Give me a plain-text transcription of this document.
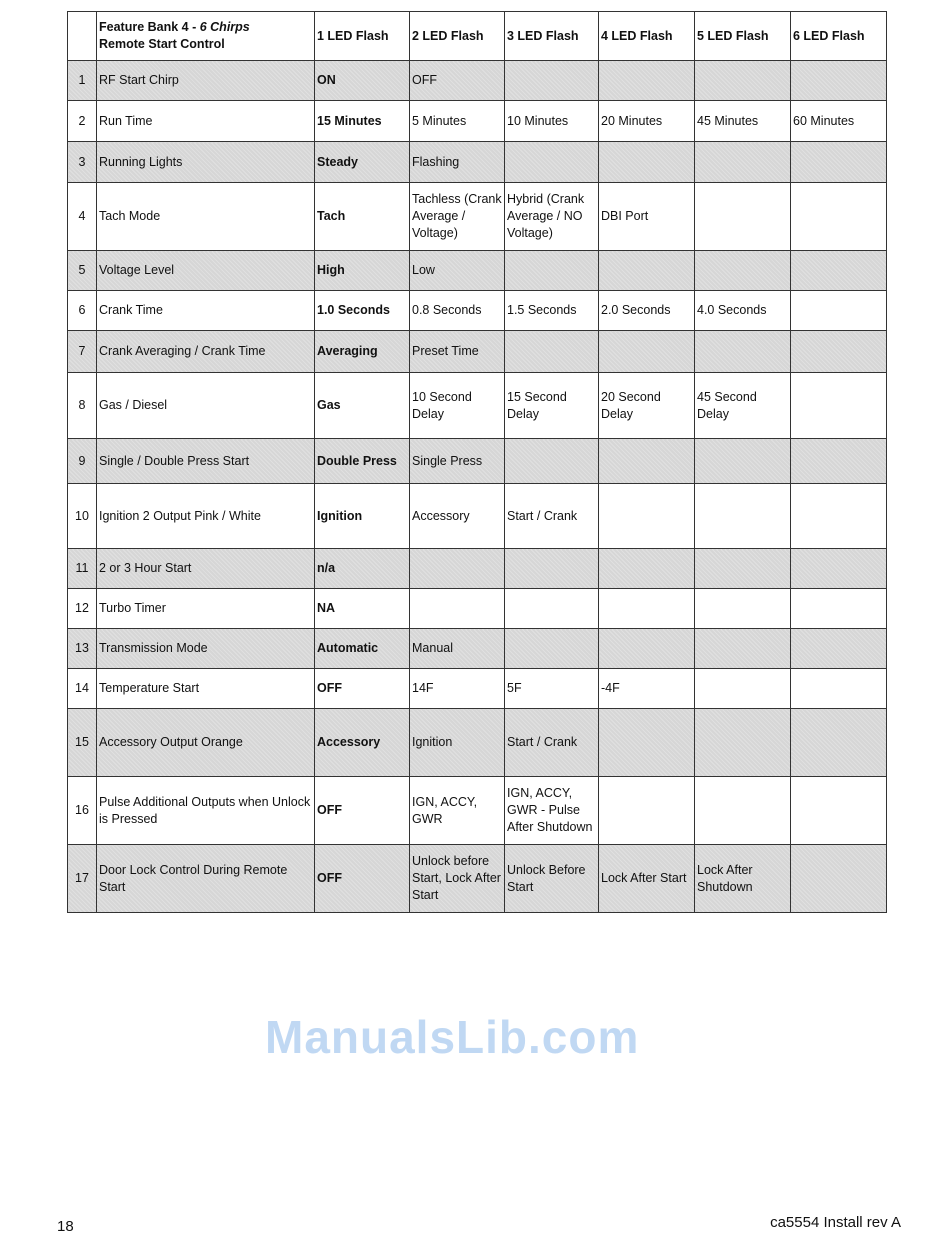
	Feature Bank 4 - 6 Chirps
Remote Start Control	1 LED Flash	2 LED Flash	3 LED Flash	4 LED Flash	5 LED Flash	6 LED Flash
1	RF Start Chirp	ON	OFF				
2	Run Time	15 Minutes	5 Minutes	10 Minutes	20 Minutes	45 Minutes	60 Minutes
3	Running Lights	Steady	Flashing				
4	Tach Mode	Tach	Tachless (Crank Average / Voltage)	Hybrid (Crank Average / NO Voltage)	DBI Port		
5	Voltage Level	High	Low				
6	Crank Time	1.0 Seconds	0.8 Seconds	1.5 Seconds	2.0 Seconds	4.0 Seconds	
7	Crank Averaging / Crank Time	Averaging	Preset Time				
8	Gas / Diesel	Gas	10 Second Delay	15 Second Delay	20 Second Delay	45 Second Delay	
9	Single / Double Press Start	Double Press	Single Press				
10	Ignition 2 Output Pink / White	Ignition	Accessory	Start / Crank			
11	2 or 3 Hour Start	n/a					
12	Turbo Timer	NA					
13	Transmission Mode	Automatic	Manual				
14	Temperature Start	OFF	14F	5F	-4F		
15	Accessory Output Orange	Accessory	Ignition	Start / Crank			
16	Pulse Additional Outputs when Unlock is Pressed	OFF	IGN, ACCY, GWR	IGN, ACCY, GWR - Pulse After Shutdown			
17	Door Lock Control During Remote Start	OFF	Unlock before Start, Lock After Start	Unlock Before Start	Lock After Start	Lock After Shutdown	
ManualsLib.com
18	ca5554 Install rev A
